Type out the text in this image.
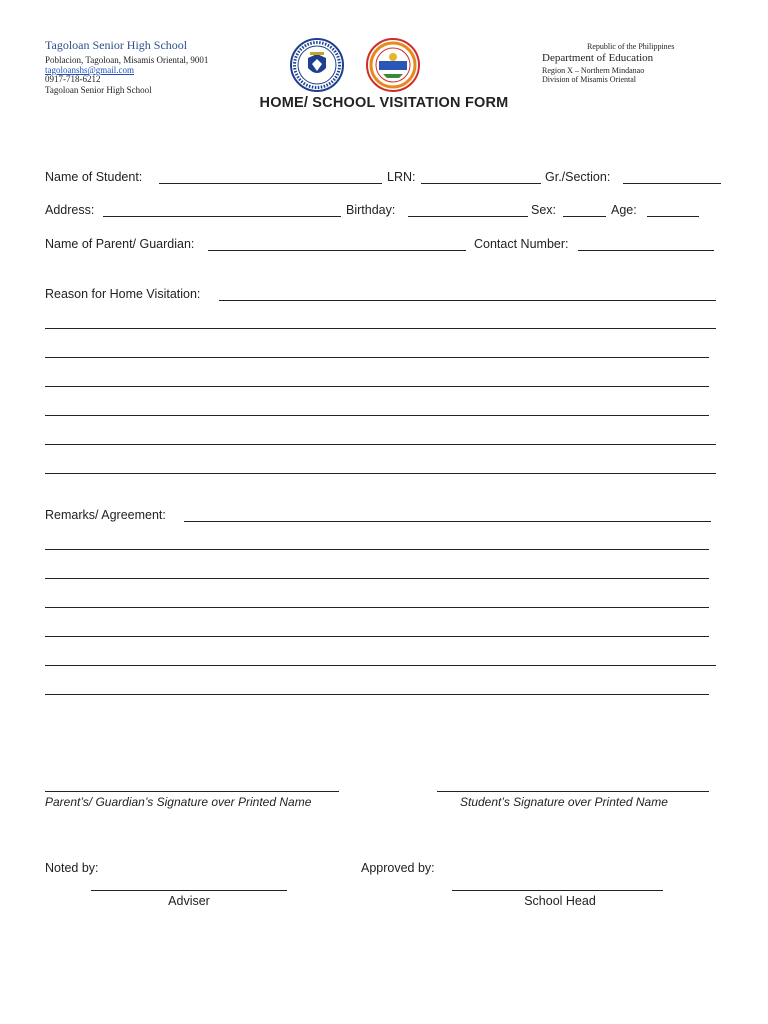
Tagoloan Senior High School
Poblacion, Tagoloan, Misamis Oriental, 9001
tagoloanshs@gmail.com
0917-718-6212
Tagoloan Senior High School
Republic of the Philippines
Department of Education
Region X – Northern Mindanao
Division of Misamis Oriental
HOME/ SCHOOL VISITATION FORM
Name of Student:	LRN:	Gr./Section:
Address:	Birthday:	Sex:	Age:
Name of Parent/ Guardian:	Contact Number:
Reason for Home Visitation:
Remarks/ Agreement:
Parent’s/ Guardian’s Signature over Printed Name	Student’s Signature over Printed Name
Noted by:	Approved by:
Adviser	School Head
